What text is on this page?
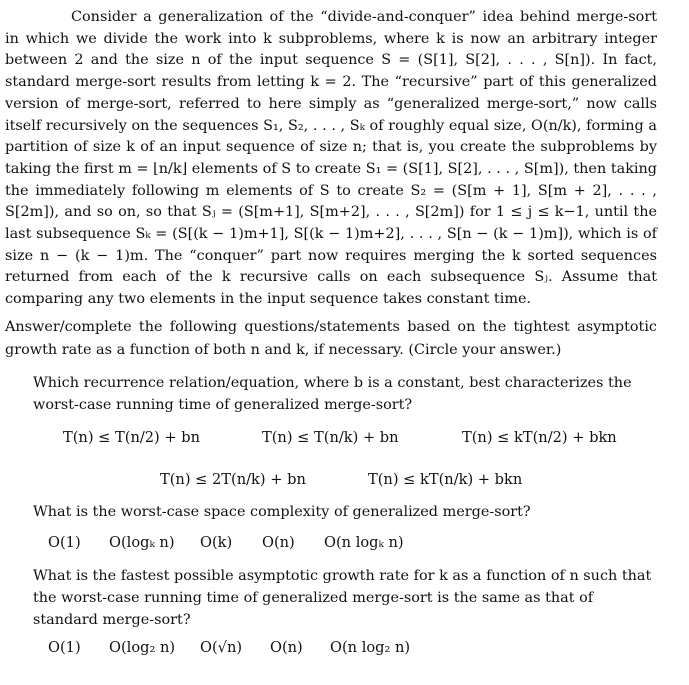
Consider a generalization of the “divide-and-conquer” idea behind merge-sort in which we divide the work into k subproblems, where k is now an arbitrary integer between 2 and the size n of the input sequence S = (S[1], S[2], . . . , S[n]). In fact, standard merge-sort results from letting k = 2. The “recursive” part of this generalized version of merge-sort, referred to here simply as “generalized merge-sort,” now calls itself recursively on the sequences S₁, S₂, . . . , Sₖ of roughly equal size, O(n/k), forming a partition of size k of an input sequence of size n; that is, you create the subproblems by taking the first m = ⌊n/k⌋ elements of S to create S₁ = (S[1], S[2], . . . , S[m]), then taking the immediately following m elements of S to create S₂ = (S[m + 1], S[m + 2], . . . , S[2m]), and so on, so that Sⱼ = (S[m+1], S[m+2], . . . , S[2m]) for 1 ≤ j ≤ k−1, until the last subsequence Sₖ = (S[(k − 1)m+1], S[(k − 1)m+2], . . . , S[n − (k − 1)m]), which is of size n − (k − 1)m. The “conquer” part now requires merging the k sorted sequences returned from each of the k recursive calls on each subsequence Sⱼ. Assume that comparing any two elements in the input sequence takes constant time.
Answer/complete the following questions/statements based on the tightest asymptotic growth rate as a function of both n and k, if necessary. (Circle your answer.)
Which recurrence relation/equation, where b is a constant, best characterizes the worst-case running time of generalized merge-sort?
T(n) ≤ T(n/2) + bn	T(n) ≤ T(n/k) + bn	T(n) ≤ kT(n/2) + bkn
T(n) ≤ 2T(n/k) + bn	T(n) ≤ kT(n/k) + bkn
What is the worst-case space complexity of generalized merge-sort?
O(1) O(logₖ n) O(k) O(n) O(n logₖ n)
What is the fastest possible asymptotic growth rate for k as a function of n such that the worst-case running time of generalized merge-sort is the same as that of standard merge-sort?
O(1) O(log₂ n) O(√n) O(n) O(n log₂ n)
